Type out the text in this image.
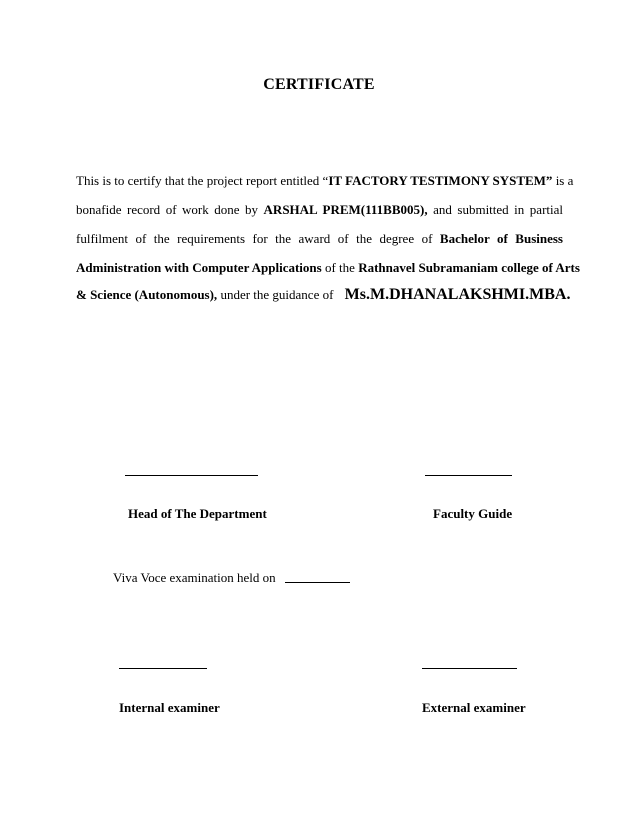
CERTIFICATE
This is to certify that the project report entitled “IT FACTORY TESTIMONY SYSTEM” is a
bonafide record of work done by ARSHAL PREM(111BB005), and submitted in partial
fulfilment of the requirements for the award of the degree of Bachelor of Business
Administration with Computer Applications of the Rathnavel Subramaniam college of Arts
& Science (Autonomous), under the guidance of Ms.M.DHANALAKSHMI.MBA.
Head of The Department	Faculty Guide
Viva Voce examination held on
Internal examiner	External examiner
